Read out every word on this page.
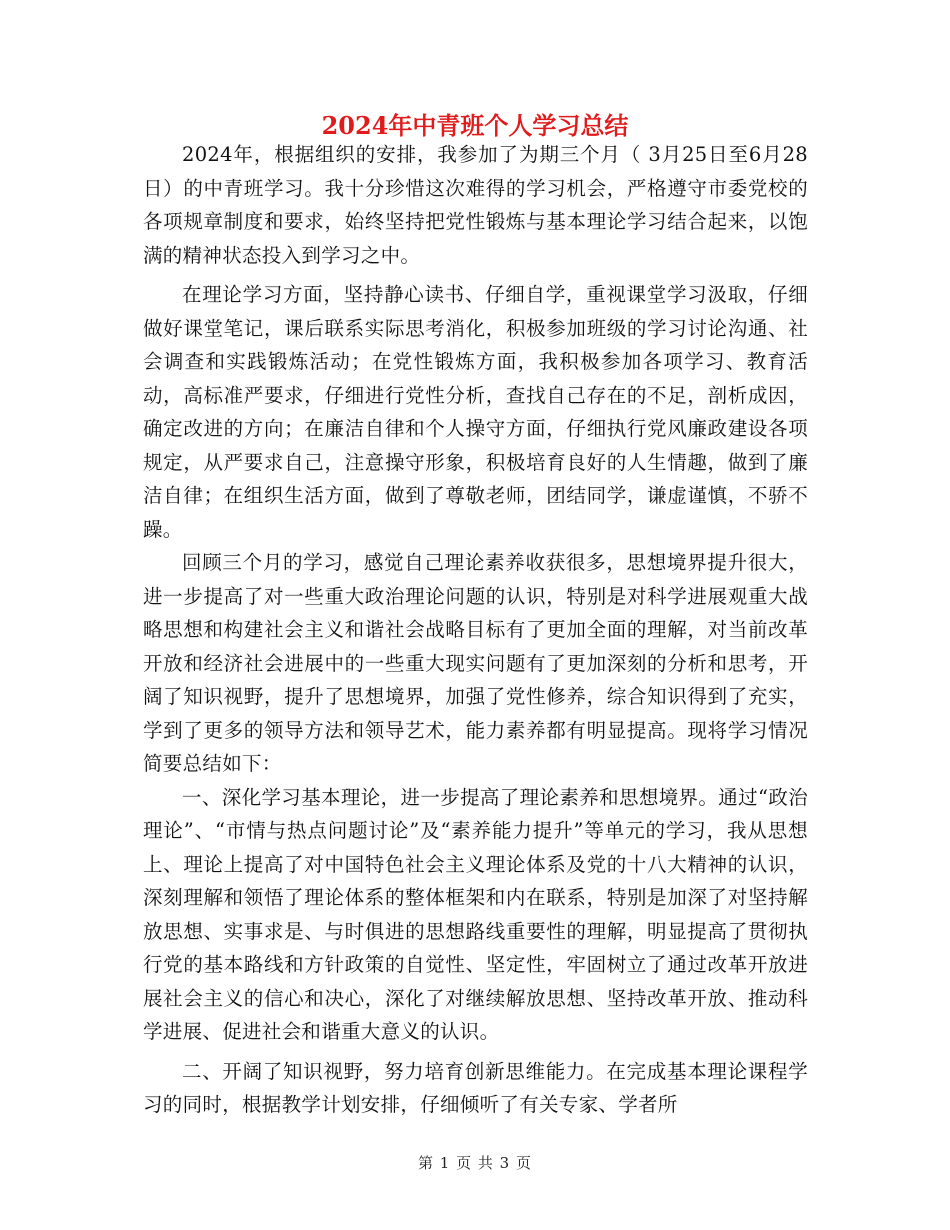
2024年中青班个人学习总结

2024年，根据组织的安排，我参加了为期三个月（ 3月25日至6月28日）的中青班学习。我十分珍惜这次难得的学习机会，严格遵守市委党校的各项规章制度和要求，始终坚持把党性锻炼与基本理论学习结合起来，以饱满的精神状态投入到学习之中。

在理论学习方面，坚持静心读书、仔细自学，重视课堂学习汲取，仔细做好课堂笔记，课后联系实际思考消化，积极参加班级的学习讨论沟通、社会调查和实践锻炼活动；在党性锻炼方面，我积极参加各项学习、教育活动，高标准严要求，仔细进行党性分析，查找自己存在的不足，剖析成因，确定改进的方向；在廉洁自律和个人操守方面，仔细执行党风廉政建设各项规定，从严要求自己，注意操守形象，积极培育良好的人生情趣，做到了廉洁自律；在组织生活方面，做到了尊敬老师，团结同学，谦虚谨慎，不骄不躁。

回顾三个月的学习，感觉自己理论素养收获很多，思想境界提升很大，进一步提高了对一些重大政治理论问题的认识，特别是对科学进展观重大战略思想和构建社会主义和谐社会战略目标有了更加全面的理解，对当前改革开放和经济社会进展中的一些重大现实问题有了更加深刻的分析和思考，开阔了知识视野，提升了思想境界，加强了党性修养，综合知识得到了充实，学到了更多的领导方法和领导艺术，能力素养都有明显提高。现将学习情况简要总结如下：

一、深化学习基本理论，进一步提高了理论素养和思想境界。通过“政治理论”、“市情与热点问题讨论”及“素养能力提升”等单元的学习，我从思想上、理论上提高了对中国特色社会主义理论体系及党的十八大精神的认识，深刻理解和领悟了理论体系的整体框架和内在联系，特别是加深了对坚持解放思想、实事求是、与时俱进的思想路线重要性的理解，明显提高了贯彻执行党的基本路线和方针政策的自觉性、坚定性，牢固树立了通过改革开放进展社会主义的信心和决心，深化了对继续解放思想、坚持改革开放、推动科学进展、促进社会和谐重大意义的认识。

二、开阔了知识视野，努力培育创新思维能力。在完成基本理论课程学习的同时，根据教学计划安排，仔细倾听了有关专家、学者所

第 1 页 共 3 页
